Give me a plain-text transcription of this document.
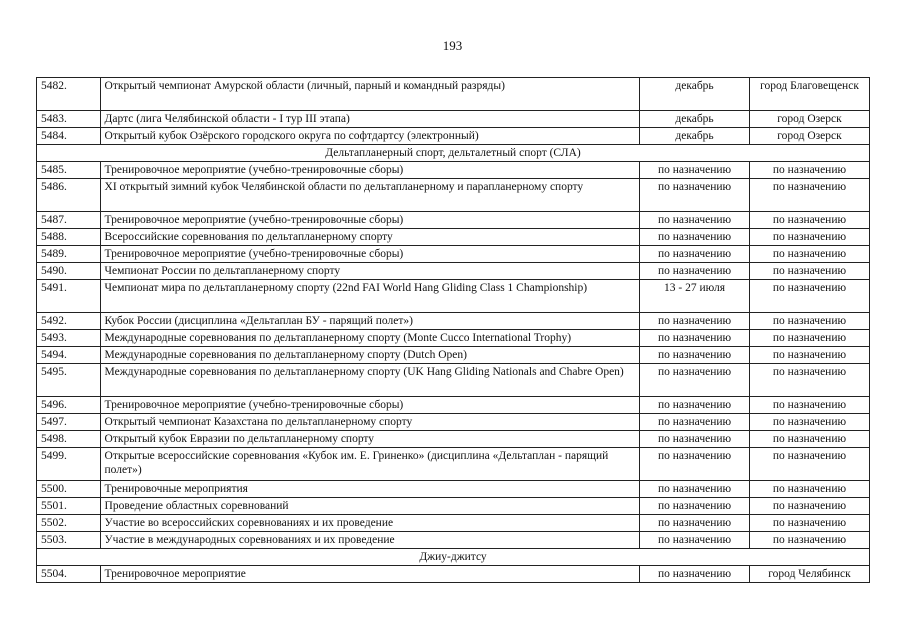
193
5482.	Открытый чемпионат Амурской области (личный, парный и командный разряды)	декабрь	город Благовещенск
5483.	Дартс (лига Челябинской области - I тур III этапа)	декабрь	город Озерск
5484.	Открытый кубок Озёрского городского округа по софтдартсу (электронный)	декабрь	город Озерск
Дельтапланерный спорт, дельталетный спорт (СЛА)			
5485.	Тренировочное мероприятие (учебно-тренировочные сборы)	по назначению	по назначению
5486.	XI открытый зимний кубок Челябинской области по дельтапланерному и парапланерному спорту	по назначению	по назначению
5487.	Тренировочное мероприятие (учебно-тренировочные сборы)	по назначению	по назначению
5488.	Всероссийские соревнования по дельтапланерному спорту	по назначению	по назначению
5489.	Тренировочное мероприятие (учебно-тренировочные сборы)	по назначению	по назначению
5490.	Чемпионат России по дельтапланерному спорту	по назначению	по назначению
5491.	Чемпионат мира по дельтапланерному спорту (22nd FAI World Hang Gliding Class 1 Championship)	13 - 27 июля	по назначению
5492.	Кубок России (дисциплина «Дельтаплан БУ - парящий полет»)	по назначению	по назначению
5493.	Международные соревнования по дельтапланерному спорту (Monte Cucco International Trophy)	по назначению	по назначению
5494.	Международные соревнования по дельтапланерному спорту (Dutch Open)	по назначению	по назначению
5495.	Международные соревнования по дельтапланерному спорту (UK Hang Gliding Nationals and Chabre Open)	по назначению	по назначению
5496.	Тренировочное мероприятие (учебно-тренировочные сборы)	по назначению	по назначению
5497.	Открытый чемпионат Казахстана по дельтапланерному спорту	по назначению	по назначению
5498.	Открытый кубок Евразии по дельтапланерному спорту	по назначению	по назначению
5499.	Открытые всероссийские соревнования «Кубок им. Е. Гриненко» (дисциплина «Дельтаплан - парящий полет»)	по назначению	по назначению
5500.	Тренировочные мероприятия	по назначению	по назначению
5501.	Проведение областных соревнований	по назначению	по назначению
5502.	Участие во всероссийских соревнованиях и их проведение	по назначению	по назначению
5503.	Участие в международных соревнованиях и их проведение	по назначению	по назначению
Джиу-джитсу			
5504.	Тренировочное мероприятие	по назначению	город Челябинск
